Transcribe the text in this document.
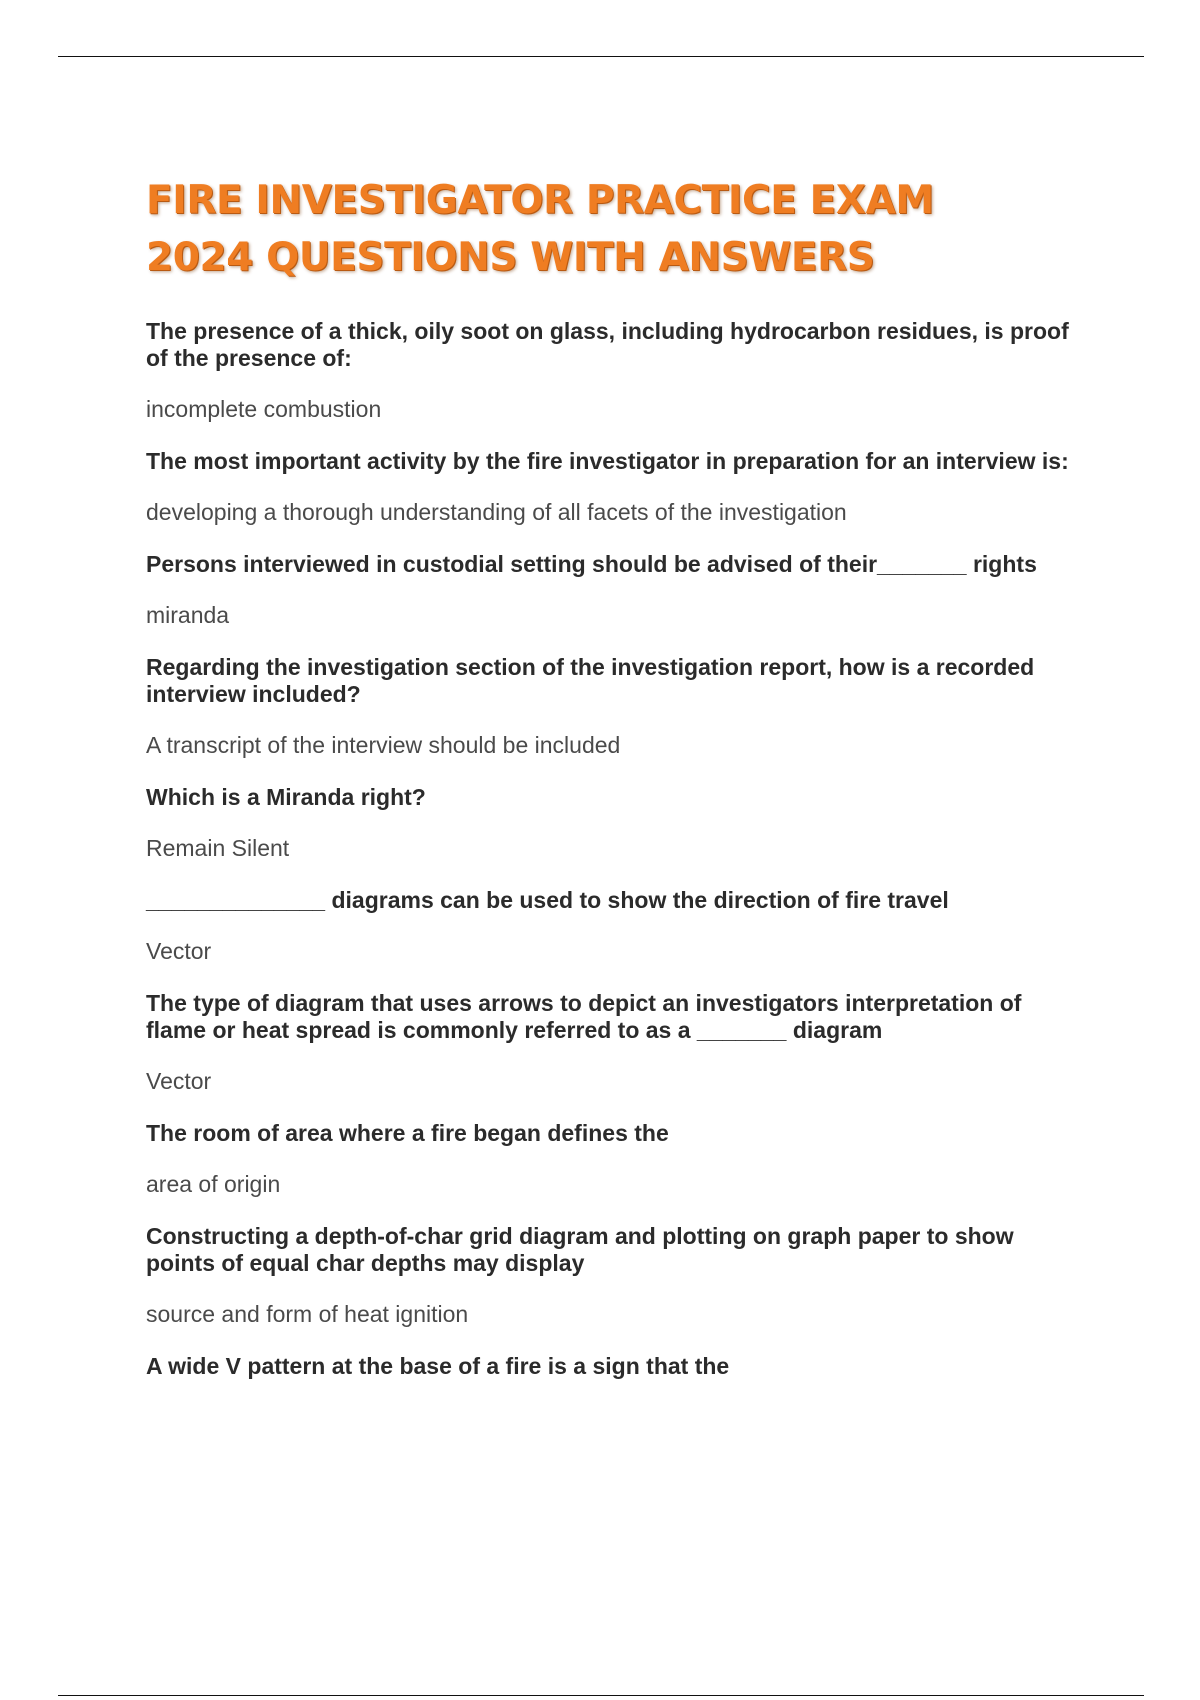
FIRE INVESTIGATOR PRACTICE EXAM
2024 QUESTIONS WITH ANSWERS

The presence of a thick, oily soot on glass, including hydrocarbon residues, is proof of the presence of:

incomplete combustion

The most important activity by the fire investigator in preparation for an interview is:

developing a thorough understanding of all facets of the investigation

Persons interviewed in custodial setting should be advised of their_______ rights

miranda

Regarding the investigation section of the investigation report, how is a recorded interview included?

A transcript of the interview should be included

Which is a Miranda right?

Remain Silent

______________ diagrams can be used to show the direction of fire travel

Vector

The type of diagram that uses arrows to depict an investigators interpretation of flame or heat spread is commonly referred to as a _______ diagram

Vector

The room of area where a fire began defines the

area of origin

Constructing a depth-of-char grid diagram and plotting on graph paper to show points of equal char depths may display

source and form of heat ignition

A wide V pattern at the base of a fire is a sign that the
